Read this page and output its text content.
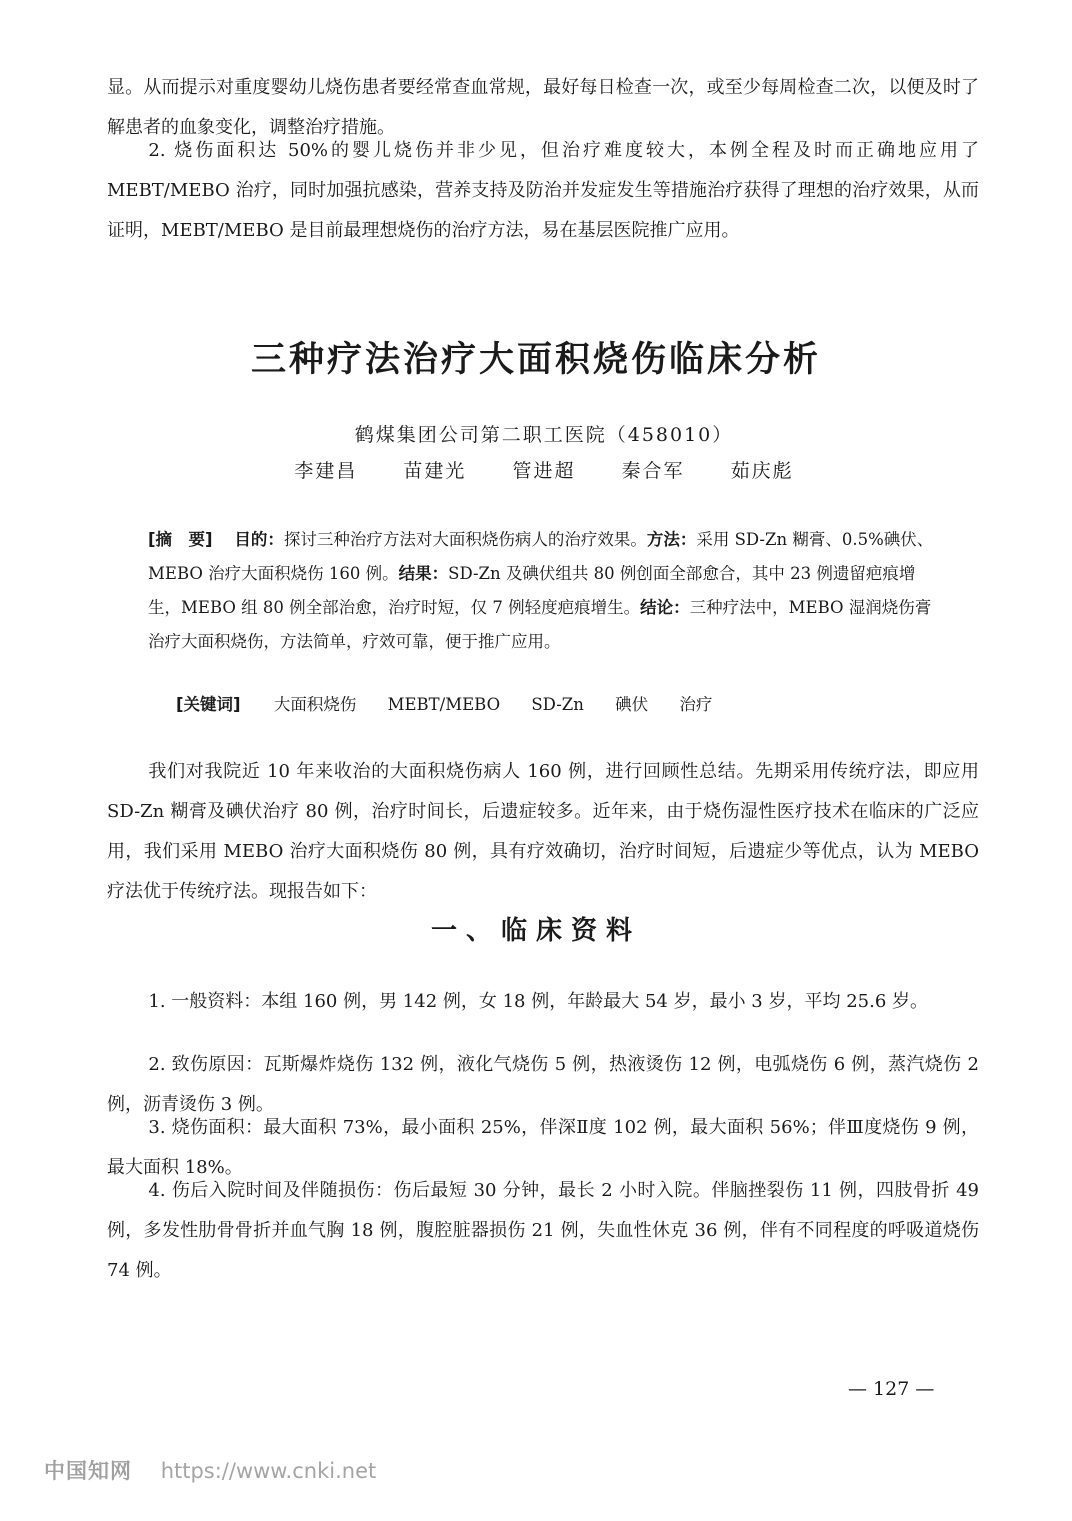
显。从而提示对重度婴幼儿烧伤患者要经常查血常规，最好每日检查一次，或至少每周检查二次，以便及时了解患者的血象变化，调整治疗措施。

2. 烧伤面积达 50%的婴儿烧伤并非少见，但治疗难度较大，本例全程及时而正确地应用了 MEBT/MEBO 治疗，同时加强抗感染，营养支持及防治并发症发生等措施治疗获得了理想的治疗效果，从而证明，MEBT/MEBO 是目前最理想烧伤的治疗方法，易在基层医院推广应用。

三种疗法治疗大面积烧伤临床分析

鹤煤集团公司第二职工医院（458010）

李建昌 苗建光 管进超 秦合军 茹庆彪

[摘　要]　 目的：探讨三种治疗方法对大面积烧伤病人的治疗效果。方法：采用 SD-Zn 糊膏、0.5%碘伏、MEBO 治疗大面积烧伤 160 例。结果：SD-Zn 及碘伏组共 80 例创面全部愈合，其中 23 例遗留疤痕增生，MEBO 组 80 例全部治愈，治疗时短，仅 7 例轻度疤痕增生。结论：三种疗法中，MEBO 湿润烧伤膏治疗大面积烧伤，方法简单，疗效可靠，便于推广应用。

[关键词] 大面积烧伤 MEBT/MEBO SD-Zn 碘伏 治疗

我们对我院近 10 年来收治的大面积烧伤病人 160 例，进行回顾性总结。先期采用传统疗法，即应用 SD-Zn 糊膏及碘伏治疗 80 例，治疗时间长，后遗症较多。近年来，由于烧伤湿性医疗技术在临床的广泛应用，我们采用 MEBO 治疗大面积烧伤 80 例，具有疗效确切，治疗时间短，后遗症少等优点，认为 MEBO 疗法优于传统疗法。现报告如下：

一、临床资料

1. 一般资料：本组 160 例，男 142 例，女 18 例，年龄最大 54 岁，最小 3 岁，平均 25.6 岁。

2. 致伤原因：瓦斯爆炸烧伤 132 例，液化气烧伤 5 例，热液烫伤 12 例，电弧烧伤 6 例，蒸汽烧伤 2 例，沥青烫伤 3 例。

3. 烧伤面积：最大面积 73%，最小面积 25%，伴深Ⅱ度 102 例，最大面积 56%；伴Ⅲ度烧伤 9 例，最大面积 18%。

4. 伤后入院时间及伴随损伤：伤后最短 30 分钟，最长 2 小时入院。伴脑挫裂伤 11 例，四肢骨折 49 例，多发性肋骨骨折并血气胸 18 例，腹腔脏器损伤 21 例，失血性休克 36 例，伴有不同程度的呼吸道烧伤 74 例。

— 127 —

中国知网 https://www.cnki.net
